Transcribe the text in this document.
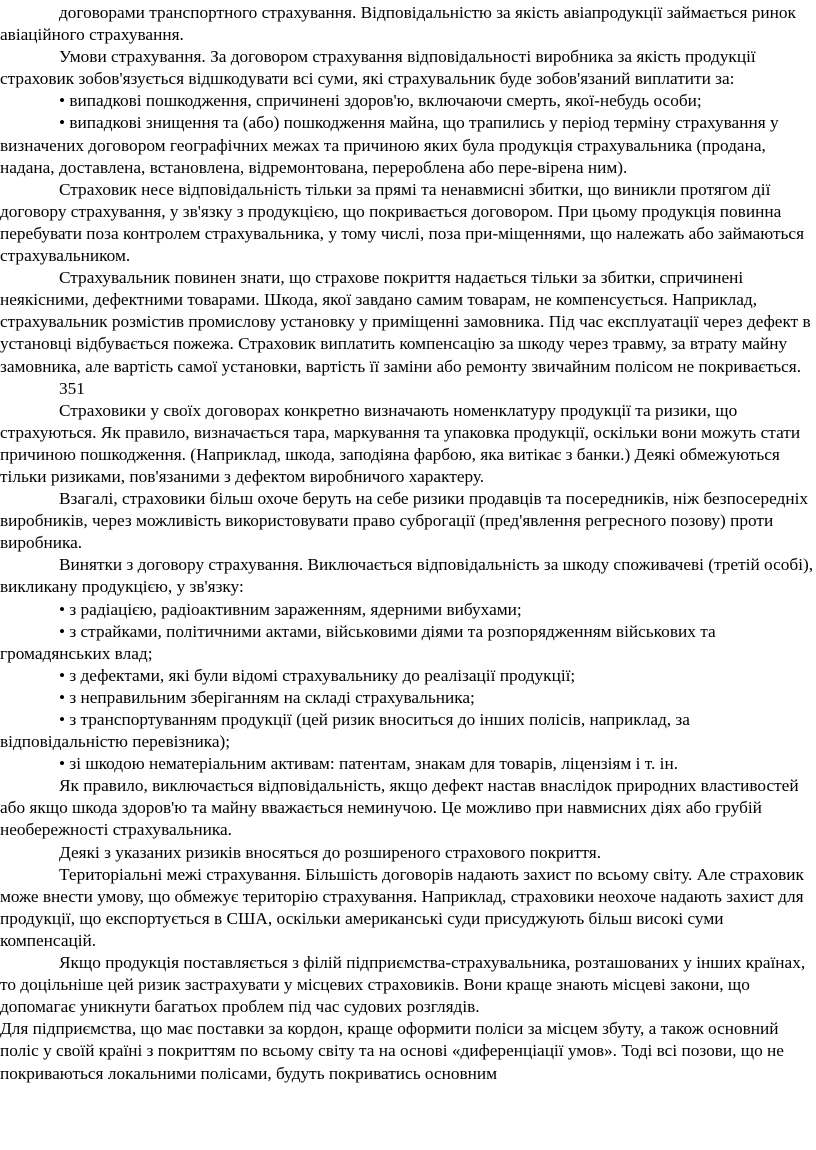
договорами транспортного страхування. Відповідальністю за якість авіапродукції займається ринок авіаційного страхування.

Умови страхування. За договором страхування відповідальності виробника за якість продукції страховик зобов'язується відшкодувати всі суми, які страхувальник буде зобов'язаний виплатити за:

• випадкові пошкодження, спричинені здоров'ю, включаючи смерть, якої-небудь особи;

• випадкові знищення та (або) пошкодження майна, що трапились у період терміну страхування у визначених договором географічних межах та причиною яких була продукція страхувальника (продана, надана, доставлена, встановлена, відремонтована, перероблена або пере-вірена ним).

Страховик несе відповідальність тільки за прямі та ненавмисні збитки, що виникли протягом дії договору страхування, у зв'язку з продукцією, що покривається договором. При цьому продукція повинна перебувати поза контролем страхувальника, у тому числі, поза при-міщеннями, що належать або займаються страхувальником.

Страхувальник повинен знати, що страхове покриття надається тільки за збитки, спричинені неякісними, дефектними товарами. Шкода, якої завдано самим товарам, не компенсується. Наприклад, страхувальник розмістив промислову установку у приміщенні замовника. Під час експлуатації через дефект в установці відбувається пожежа. Страховик виплатить компенсацію за шкоду через травму, за втрату майну замовника, але вартість самої установки, вартість її заміни або ремонту звичайним полісом не покривається.

351

Страховики у своїх договорах конкретно визначають номенклатуру продукції та ризики, що страхуються. Як правило, визначається тара, маркування та упаковка продукції, оскільки вони можуть стати причиною пошкодження. (Наприклад, шкода, заподіяна фарбою, яка витікає з банки.) Деякі обмежуються тільки ризиками, пов'язаними з дефектом виробничого характеру.

Взагалі, страховики більш охоче беруть на себе ризики продавців та посередників, ніж безпосередніх виробників, через можливість використовувати право суброгації (пред'явлення регресного позову) проти виробника.

Винятки з договору страхування. Виключається відповідальність за шкоду споживачеві (третій особі), викликану продукцією, у зв'язку:

• з радіацією, радіоактивним зараженням, ядерними вибухами;

• з страйками, політичними актами, військовими діями та розпорядженням військових та громадянських влад;

• з дефектами, які були відомі страхувальнику до реалізації продукції;

• з неправильним зберіганням на складі страхувальника;

• з транспортуванням продукції (цей ризик вноситься до інших полісів, наприклад, за відповідальністю перевізника);

• зі шкодою нематеріальним активам: патентам, знакам для товарів, ліцензіям і т. ін.

Як правило, виключається відповідальність, якщо дефект настав внаслідок природних властивостей або якщо шкода здоров'ю та майну вважається неминучою. Це можливо при навмисних діях або грубій необережності страхувальника.

Деякі з указаних ризиків вносяться до розширеного страхового покриття.

Територіальні межі страхування. Більшість договорів надають захист по всьому світу. Але страховик може внести умову, що обмежує територію страхування. Наприклад, страховики неохоче надають захист для продукції, що експортується в США, оскільки американські суди присуджують більш високі суми компенсацій.

Якщо продукція поставляється з філій підприємства-страхувальника, розташованих у інших країнах, то доцільніше цей ризик застрахувати у місцевих страховиків. Вони краще знають місцеві закони, що допомагає уникнути багатьох проблем під час судових розглядів.

Для підприємства, що має поставки за кордон, краще оформити поліси за місцем збуту, а також основний поліс у своїй країні з покриттям по всьому світу та на основі «диференціації умов». Тоді всі позови, що не покриваються локальними полісами, будуть покриватись основним
